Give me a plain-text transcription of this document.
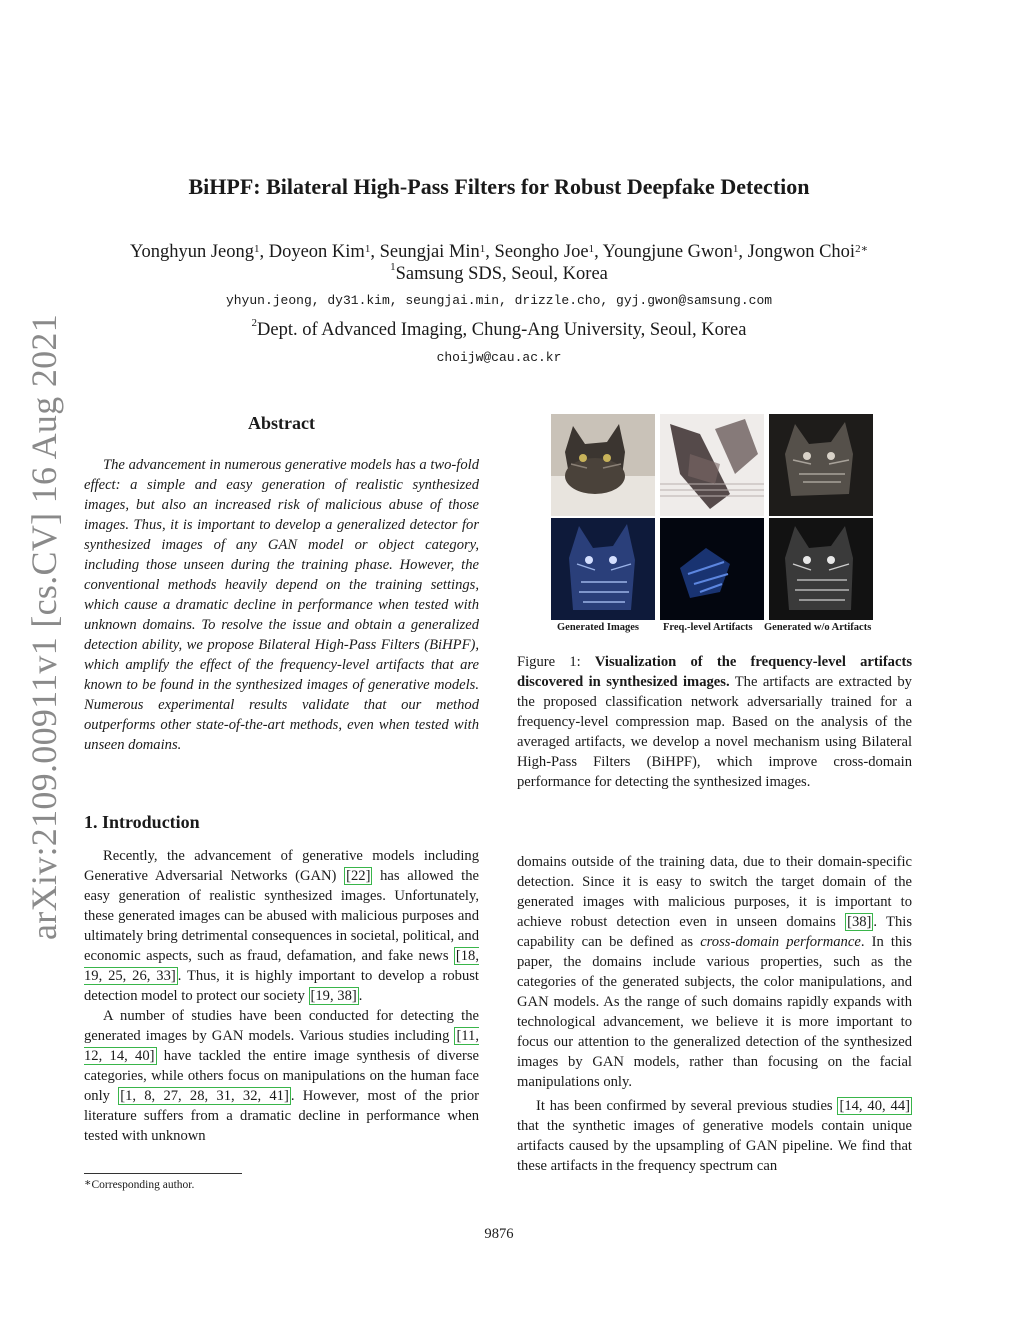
arXiv:2109.00911v1 [cs.CV] 16 Aug 2021
BiHPF: Bilateral High-Pass Filters for Robust Deepfake Detection
Yonghyun Jeong$^1$, Doyeon Kim$^1$, Seungjai Min$^1$, Seongho Joe$^1$, Youngjune Gwon$^1$, Jongwon Choi$^{2∗}$
$^1$Samsung SDS, Seoul, Korea
yhyun.jeong, dy31.kim, seungjai.min, drizzle.cho, gyj.gwon@samsung.com
$^2$Dept. of Advanced Imaging, Chung-Ang University, Seoul, Korea
choijw@cau.ac.kr
Abstract
The advancement in numerous generative models has a two-fold effect: a simple and easy generation of realistic synthesized images, but also an increased risk of malicious abuse of those images. Thus, it is important to develop a generalized detector for synthesized images of any GAN model or object category, including those unseen during the training phase. However, the conventional methods heavily depend on the training settings, which cause a dramatic decline in performance when tested with unknown domains. To resolve the issue and obtain a generalized detection ability, we propose Bilateral High-Pass Filters (BiHPF), which amplify the effect of the frequency-level artifacts that are known to be found in the synthesized images of generative models. Numerous experimental results validate that our method outperforms other state-of-the-art methods, even when tested with unseen domains.
1. Introduction

Recently, the advancement of generative models including Generative Adversarial Networks (GAN) [22] has allowed the easy generation of realistic synthesized images. Unfortunately, these generated images can be abused with malicious purposes and ultimately bring detrimental consequences in societal, political, and economic aspects, such as fraud, defamation, and fake news [18, 19, 25, 26, 33] . Thus, it is highly important to develop a robust detection model to protect our society [19, 38] .

A number of studies have been conducted for detecting the generated images by GAN models. Various studies including [11, 12, 14, 40] have tackled the entire image synthesis of diverse categories, while others focus on manipulations on the human face only [1, 8, 27, 28, 31, 32, 41] . However, most of the prior literature suffers from a dramatic decline in performance when tested with unknown

∗Corresponding author.
Generated Images Freq.-level Artifacts Generated w/o Artifacts
Figure 1: Visualization of the frequency-level artifacts discovered in synthesized images. The artifacts are extracted by the proposed classification network adversarially trained for a frequency-level compression map. Based on the analysis of the averaged artifacts, we develop a novel mechanism using Bilateral High-Pass Filters (BiHPF), which improve cross-domain performance for detecting the synthesized images.

domains outside of the training data, due to their domain-specific detection. Since it is easy to switch the target domain of the generated images with malicious purposes, it is important to achieve robust detection even in unseen domains [38] . This capability can be defined as cross-domain performance. In this paper, the domains include various properties, such as the categories of the generated subjects, the color manipulations, and GAN models. As the range of such domains rapidly expands with technological advancement, we believe it is more important to focus our attention to the generalized detection of the synthesized images by GAN models, rather than focusing on the facial manipulations only.

It has been confirmed by several previous studies [14, 40, 44] that the synthetic images of generative models contain unique artifacts caused by the upsampling of GAN pipeline. We find that these artifacts in the frequency spectrum can

9876
